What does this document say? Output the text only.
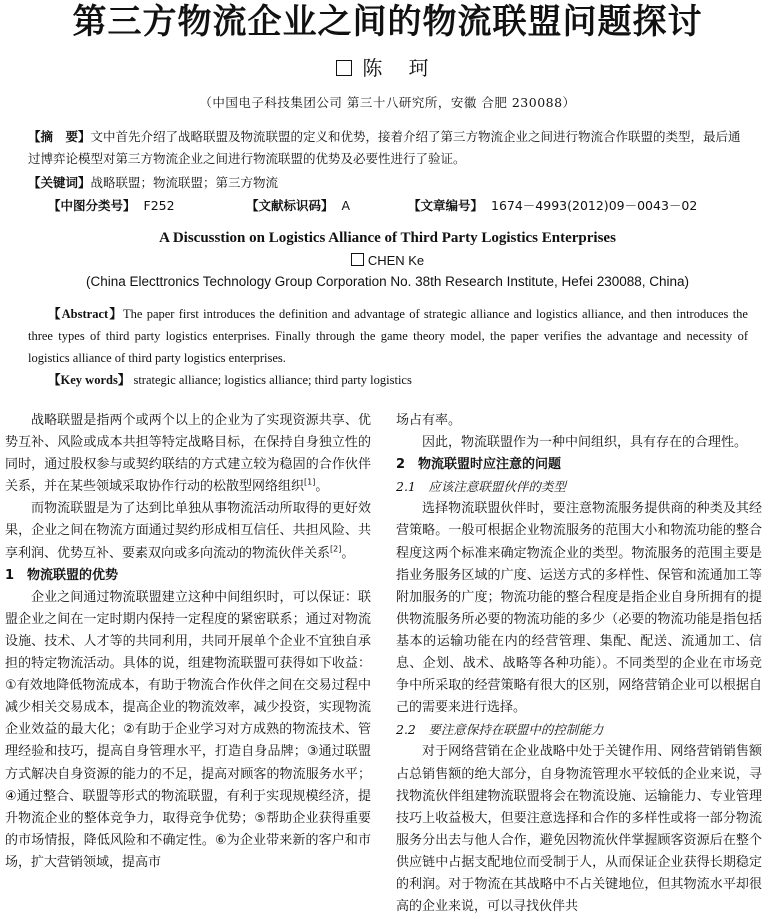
第三方物流企业之间的物流联盟问题探讨
陈 珂
（中国电子科技集团公司 第三十八研究所，安徽 合肥 230088）
【摘　要】文中首先介绍了战略联盟及物流联盟的定义和优势，接着介绍了第三方物流企业之间进行物流合作联盟的类型，最后通过博弈论模型对第三方物流企业之间进行物流联盟的优势及必要性进行了验证。
【关键词】战略联盟；物流联盟；第三方物流
【中图分类号】 F252	【文献标识码】 A	【文章编号】 1674－4993(2012)09－0043－02
A Discusstion on Logistics Alliance of Third Party Logistics Enterprises
CHEN Ke
(China Electtronics Technology Group Corporation No. 38th Research Institute, Hefei 230088, China)
【Abstract】The paper first introduces the definition and advantage of strategic alliance and logistics alliance, and then introduces the three types of third party logistics enterprises. Finally through the game theory model, the paper verifies the advantage and necessity of logistics alliance of third party logistics enterprises.
【Key words】 strategic alliance; logistics alliance; third party logistics

战略联盟是指两个或两个以上的企业为了实现资源共享、优势互补、风险或成本共担等特定战略目标，在保持自身独立性的同时，通过股权参与或契约联结的方式建立较为稳固的合作伙伴关系，并在某些领域采取协作行动的松散型网络组织[1]。

而物流联盟是为了达到比单独从事物流活动所取得的更好效果，企业之间在物流方面通过契约形成相互信任、共担风险、共享利润、优势互补、要素双向或多向流动的物流伙伴关系[2]。

1　物流联盟的优势

企业之间通过物流联盟建立这种中间组织时，可以保证：联盟企业之间在一定时期内保持一定程度的紧密联系；通过对物流设施、技术、人才等的共同利用，共同开展单个企业不宜独自承担的特定物流活动。具体的说，组建物流联盟可获得如下收益：①有效地降低物流成本，有助于物流合作伙伴之间在交易过程中减少相关交易成本，提高企业的物流效率，减少投资，实现物流企业效益的最大化；②有助于企业学习对方成熟的物流技术、管理经验和技巧，提高自身管理水平，打造自身品牌；③通过联盟方式解决自身资源的能力的不足，提高对顾客的物流服务水平；④通过整合、联盟等形式的物流联盟，有利于实现规模经济，提升物流企业的整体竞争力，取得竞争优势；⑤帮助企业获得重要的市场情报，降低风险和不确定性。⑥为企业带来新的客户和市场，扩大营销领域，提高市

场占有率。

因此，物流联盟作为一种中间组织，具有存在的合理性。

2　物流联盟时应注意的问题

2.1　应该注意联盟伙伴的类型

选择物流联盟伙伴时，要注意物流服务提供商的种类及其经营策略。一般可根据企业物流服务的范围大小和物流功能的整合程度这两个标准来确定物流企业的类型。物流服务的范围主要是指业务服务区域的广度、运送方式的多样性、保管和流通加工等附加服务的广度；物流功能的整合程度是指企业自身所拥有的提供物流服务所必要的物流功能的多少（必要的物流功能是指包括基本的运输功能在内的经营管理、集配、配送、流通加工、信息、企划、战术、战略等各种功能）。不同类型的企业在市场竞争中所采取的经营策略有很大的区别，网络营销企业可以根据自己的需要来进行选择。

2.2　要注意保持在联盟中的控制能力

对于网络营销在企业战略中处于关键作用、网络营销销售额占总销售额的绝大部分，自身物流管理水平较低的企业来说，寻找物流伙伴组建物流联盟将会在物流设施、运输能力、专业管理技巧上收益极大，但要注意选择和合作的多样性或将一部分物流服务分出去与他人合作，避免因物流伙伴掌握顾客资源后在整个供应链中占据支配地位而受制于人，从而保证企业获得长期稳定的利润。对于物流在其战略中不占关键地位，但其物流水平却很高的企业来说，可以寻找伙伴共
